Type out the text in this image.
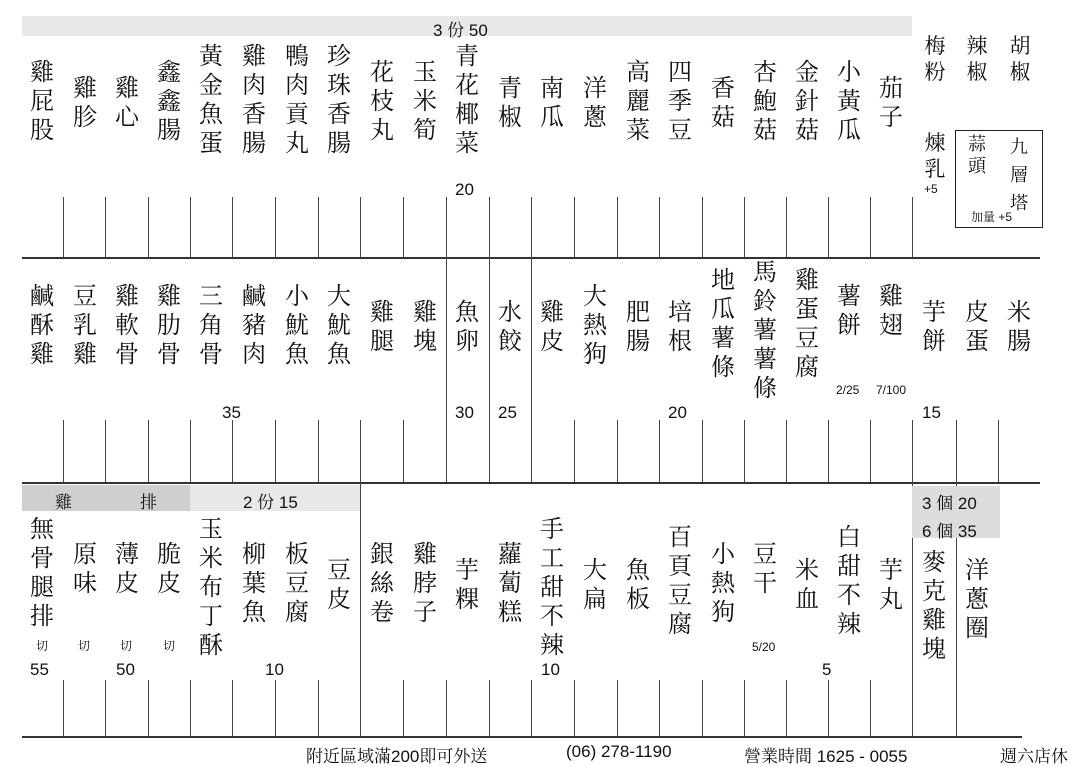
3 份 50
20
35	30 25	20	15
2/25 7/100
雞	排	2 份 15
55	50	10	10	5
5/20
切 切 切	切
3 個 20
6 個 35
梅粉
辣椒
胡椒
煉乳
+5
蒜頭
九層塔
加量 +5
附近區域滿200即可外送	(06) 278-1190	營業時間 1625 - 0055	週六店休
雞屁股
雞胗
雞心
鑫鑫腸
黃金魚蛋
雞肉香腸
鴨肉貢丸
珍珠香腸
花枝丸
玉米筍
青花椰菜
青椒
南瓜
洋蔥
高麗菜
四季豆
香菇
杏鮑菇
金針菇
小黃瓜
茄子
鹹酥雞
豆乳雞
雞軟骨
雞肋骨
三角骨
鹹豬肉
小魷魚
大魷魚
雞腿
雞塊
魚卵
水餃
雞皮
大熱狗
肥腸
培根
地瓜薯條
馬鈴薯薯條
雞蛋豆腐
薯餅
雞翅 芋餅
皮蛋
米腸
無骨腿排
原味
薄皮
脆皮
玉米布丁酥
柳葉魚
板豆腐
豆皮
銀絲卷
雞脖子
芋粿
蘿蔔糕
手工甜不辣
大扁
魚板
百頁豆腐
小熱狗
豆干 米血
白甜不辣
芋丸
麥克雞塊
洋蔥圈
